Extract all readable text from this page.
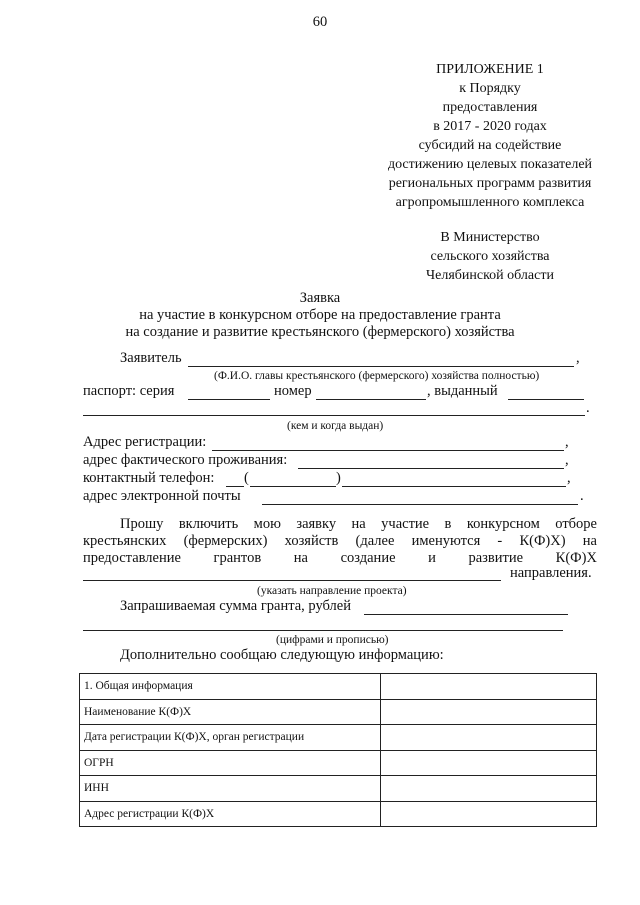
60
ПРИЛОЖЕНИЕ 1
к Порядку
предоставления
в 2017 - 2020 годах
субсидий на содействие
достижению целевых показателей
региональных программ развития
агропромышленного комплекса
В Министерство
сельского хозяйства
Челябинской области
Заявка
на участие в конкурсном отборе на предоставление гранта
на создание и развитие крестьянского (фермерского) хозяйства
Заявитель	,
(Ф.И.О. главы крестьянского (фермерского) хозяйства полностью)
паспорт: серия	номер	, выданный
.
(кем и когда выдан)
Адрес регистрации:	,
адрес фактического проживания:	,
контактный телефон: (	)	,
адрес электронной почты	.
Прошу включить мою заявку на участие в конкурсном отборе
крестьянских (фермерских) хозяйств (далее именуются - К(Ф)Х) на
предоставление грантов на создание и развитие К(Ф)Х
направления.
(указать направление проекта)
Запрашиваемая сумма гранта, рублей
(цифрами и прописью)
Дополнительно сообщаю следующую информацию:
1. Общая информация	
Наименование К(Ф)Х	
Дата регистрации К(Ф)Х, орган регистрации	
ОГРН	
ИНН	
Адрес регистрации К(Ф)Х	
